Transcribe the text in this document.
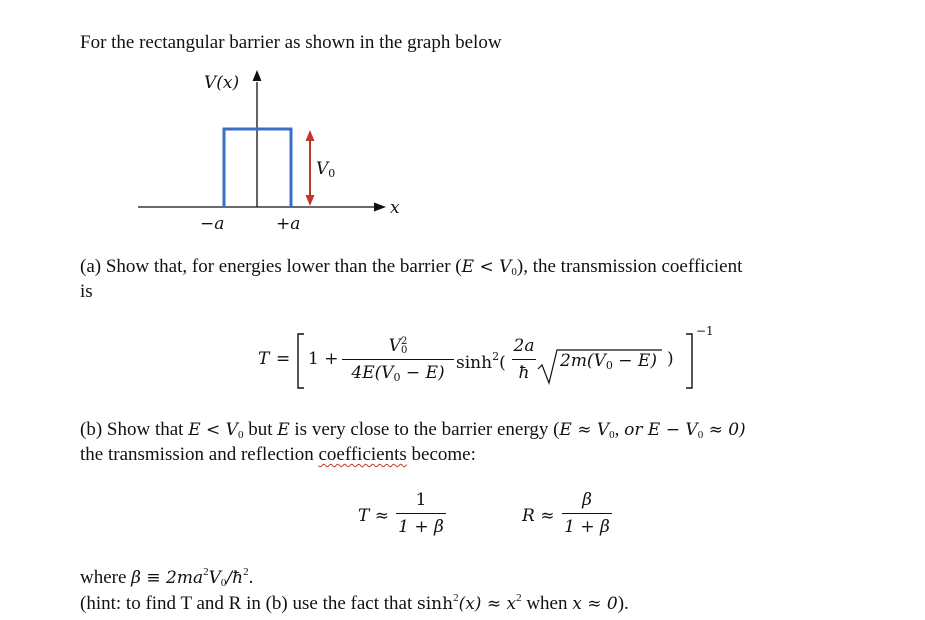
For the rectangular barrier as shown in the graph below
V(x)
x
$V_0$
−a	+a
(a) Show that, for energies lower than the barrier $(E < V_0)$, the transmission coefficient
is
T = 1 +
V 2
0
$4E(V_0 - E)$ $\sinh^2$(
2a
ħ
$2m(V_0 - E)$ )
−1
(b) Show that $E < V_0$ but E is very close to the barrier energy ($E \approx V_0$, or $E - V_0 \approx 0$)
the transmission and reflection coefficients become:
T ≈
1
1 + β
R ≈
β
1 + β
where $\beta \equiv 2ma^2V_0/ħ^2$.
(hint: to find T and R in (b) use the fact that $\sinh^2(x) \approx x^2$ when x ≈ 0).
